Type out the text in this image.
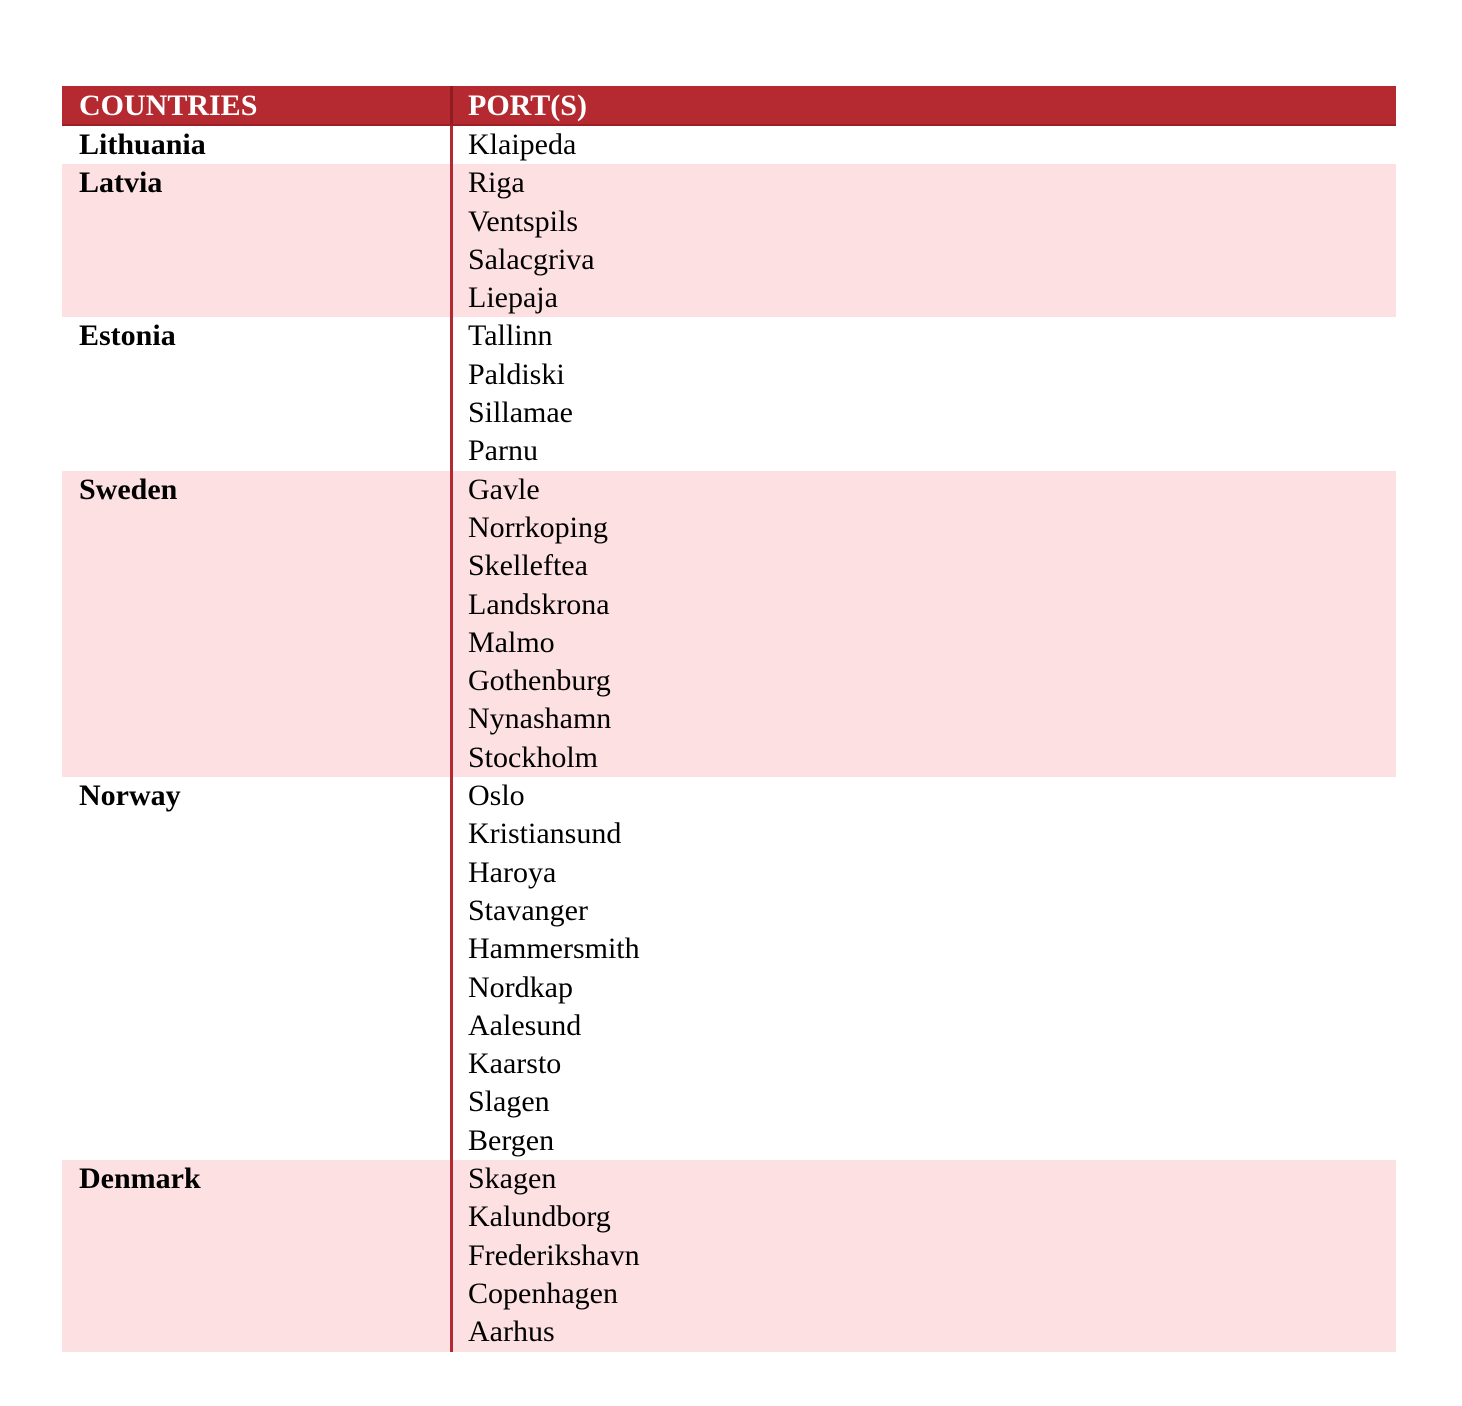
COUNTRIES	PORT(S)
Lithuania	Klaipeda
Latvia	Riga
Ventspils
Salacgriva
Liepaja
Estonia	Tallinn
Paldiski
Sillamae
Parnu
Sweden	Gavle
Norrkoping
Skelleftea
Landskrona
Malmo
Gothenburg
Nynashamn
Stockholm
Norway	Oslo
Kristiansund
Haroya
Stavanger
Hammersmith
Nordkap
Aalesund
Kaarsto
Slagen
Bergen
Denmark	Skagen
Kalundborg
Frederikshavn
Copenhagen
Aarhus
